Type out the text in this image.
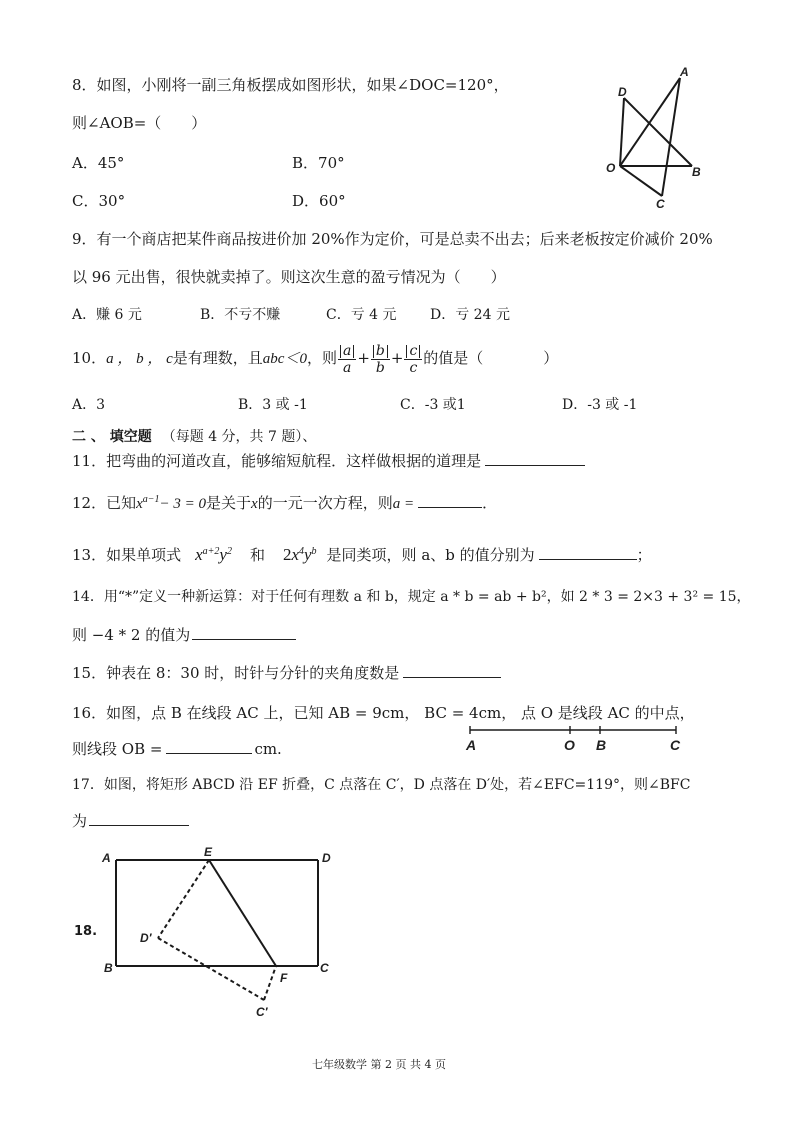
8．如图，小刚将一副三角板摆成如图形状，如果∠DOC=120°，
则∠AOB=（　　）
A．45°	B．70°
C．30°	D．60°
D
A
O	B
C
9．有一个商店把某件商品按进价加 20%作为定价，可是总卖不出去；后来老板按定价减价 20%
以 96 元出售，很快就卖掉了。则这次生意的盈亏情况为（　　）
A．赚 6 元	B．不亏不赚	C．亏 4 元 D．亏 24 元
10．a ， b ， c是有理数，且abc＜0，则 $\frac{a}{a} + \frac{b}{b} + \frac{c}{c}$ 的值是（　　　　）
A．3	B．3 或 -1	C．-3 或1	D．-3 或 -1
二 、 填空题 （每题 4 分，共 7 题）、
11．把弯曲的河道改直，能够缩短航程．这样做根据的道理是
12．已知$x^{a-1}- 3 = 0$是关于x的一元一次方程，则a =	．
13．如果单项式 $x^{a+2}y^2$ 和 $2x^4y^b$ 是同类项，则 a、b 的值分别为	；
14．用“*”定义一种新运算：对于任何有理数 a 和 b，规定 a * b = ab + b²，如 2 * 3 = 2×3 + 3² = 15，
则 −4 * 2 的值为
15．钟表在 8：30 时，时针与分针的夹角度数是
16．如图，点 B 在线段 AC 上，已知 AB = 9cm， BC = 4cm， 点 O 是线段 AC 的中点，
则线段 OB =	cm.	A	O B	C
17．如图，将矩形 ABCD 沿 EF 折叠，C 点落在 C′，D 点落在 D′处，若∠EFC=119°，则∠BFC
为
18.
A	E	D
D′
B
F
C
C′
七年级数学 第 2 页 共 4 页
